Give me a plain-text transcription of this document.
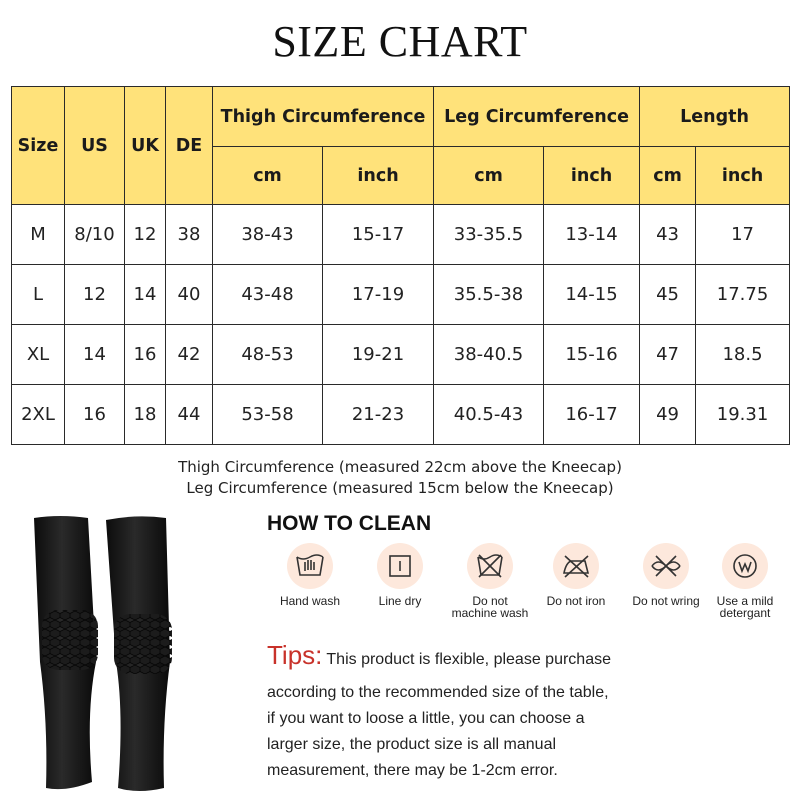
SIZE CHART
Size	US	UK	DE	Thigh Circumference		Leg Circumference		Length	
				cm	inch	cm	inch	cm	inch
M	8/10	12	38	38-43	15-17	33-35.5	13-14	43	17
L	12	14	40	43-48	17-19	35.5-38	14-15	45	17.75
XL	14	16	42	48-53	19-21	38-40.5	15-16	47	18.5
2XL	16	18	44	53-58	21-23	40.5-43	16-17	49	19.31
Thigh Circumference (measured 22cm above the Kneecap)
Leg Circumference (measured 15cm below the Kneecap)
HOW TO CLEAN
Hand wash	Line dry	Do not machine wash
Do not iron	Do not wring	Use a mild detergant
Tips: This product is flexible, please purchase
according to the recommended size of the table,
if you want to loose a little, you can choose a
larger size, the product size is all manual
measurement, there may be 1-2cm error.
